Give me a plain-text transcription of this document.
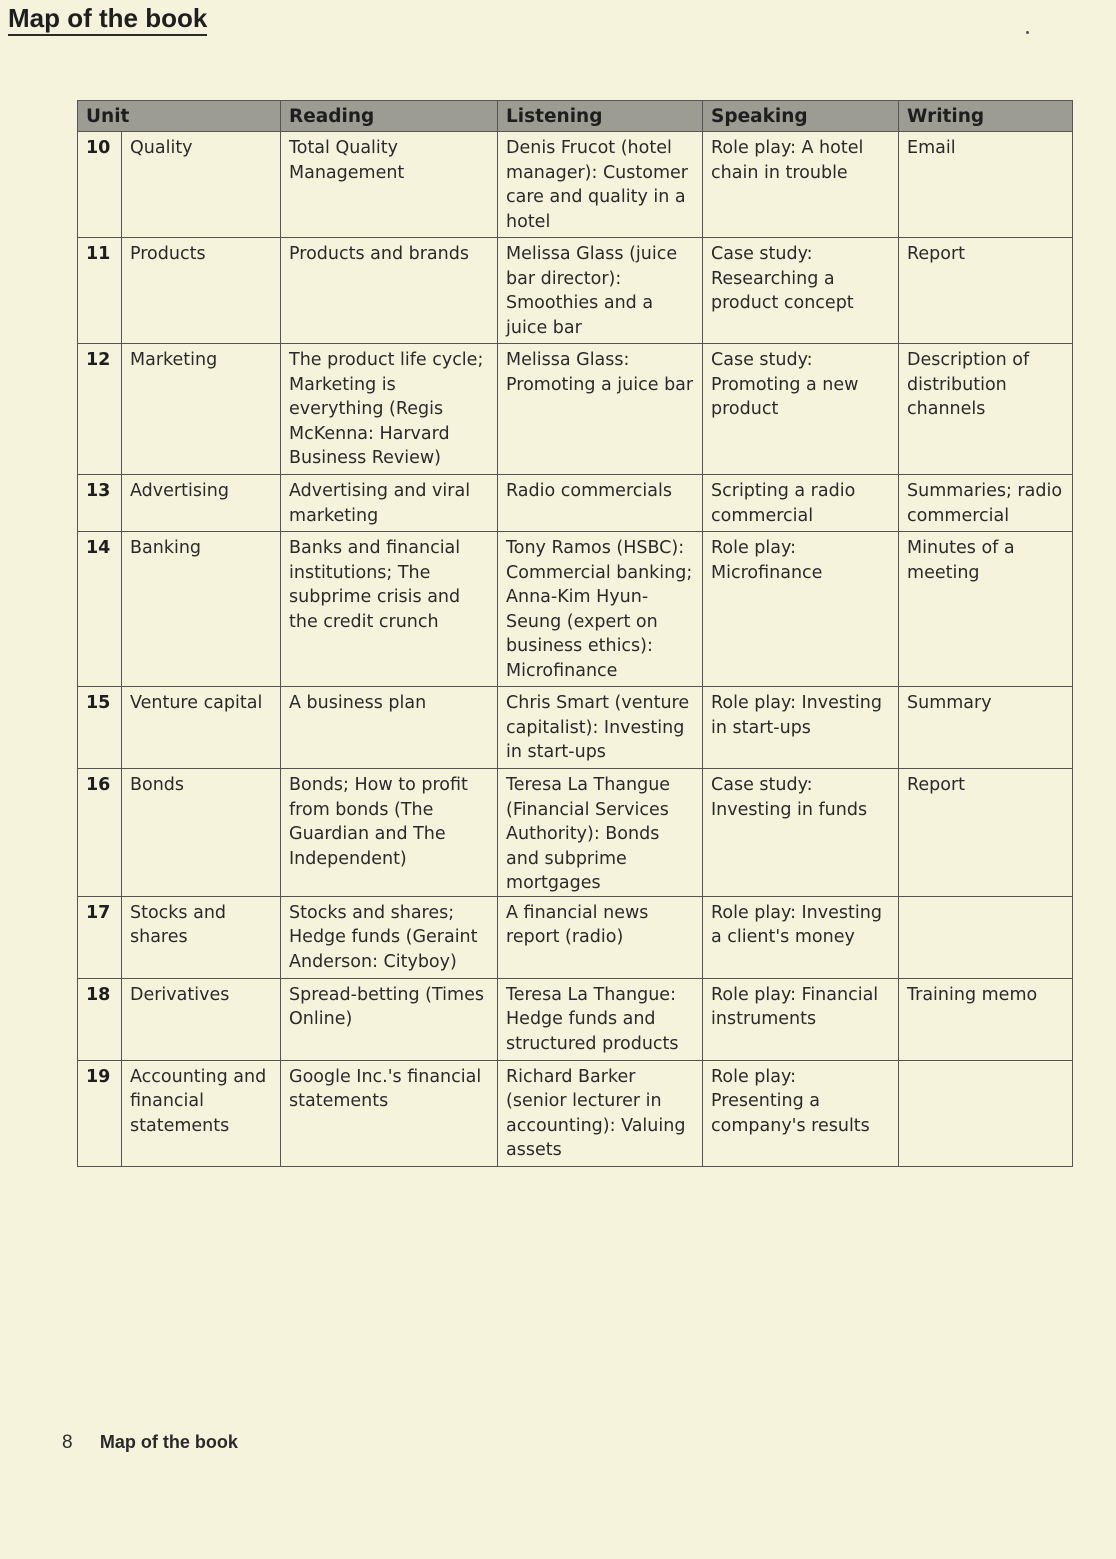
Map of the book
Unit		Reading	Listening	Speaking	Writing
10	Quality	Total Quality Management	Denis Frucot (hotel manager): Customer care and quality in a hotel	Role play: A hotel chain in trouble	Email
11	Products	Products and brands	Melissa Glass (juice bar director): Smoothies and a juice bar	Case study: Researching a product concept	Report
12	Marketing	The product life cycle; Marketing is everything (Regis McKenna: Harvard Business Review)	Melissa Glass: Promoting a juice bar	Case study: Promoting a new product	Description of distribution channels
13	Advertising	Advertising and viral marketing	Radio commercials	Scripting a radio commercial	Summaries; radio commercial
14	Banking	Banks and financial institutions; The subprime crisis and the credit crunch	Tony Ramos (HSBC): Commercial banking; Anna-Kim Hyun-Seung (expert on business ethics): Microfinance	Role play: Microfinance	Minutes of a meeting
15	Venture capital	A business plan	Chris Smart (venture capitalist): Investing in start-ups	Role play: Investing in start-ups	Summary
16	Bonds	Bonds; How to profit from bonds (The Guardian and The Independent)	Teresa La Thangue (Financial Services Authority): Bonds and subprime mortgages	Case study: Investing in funds	Report
17	Stocks and shares	Stocks and shares; Hedge funds (Geraint Anderson: Cityboy)	A financial news report (radio)	Role play: Investing a client's money	
18	Derivatives	Spread-betting (Times Online)	Teresa La Thangue: Hedge funds and structured products	Role play: Financial instruments	Training memo
19	Accounting and financial statements	Google Inc.'s financial statements	Richard Barker (senior lecturer in accounting): Valuing assets	Role play: Presenting a company's results	
8 Map of the book
